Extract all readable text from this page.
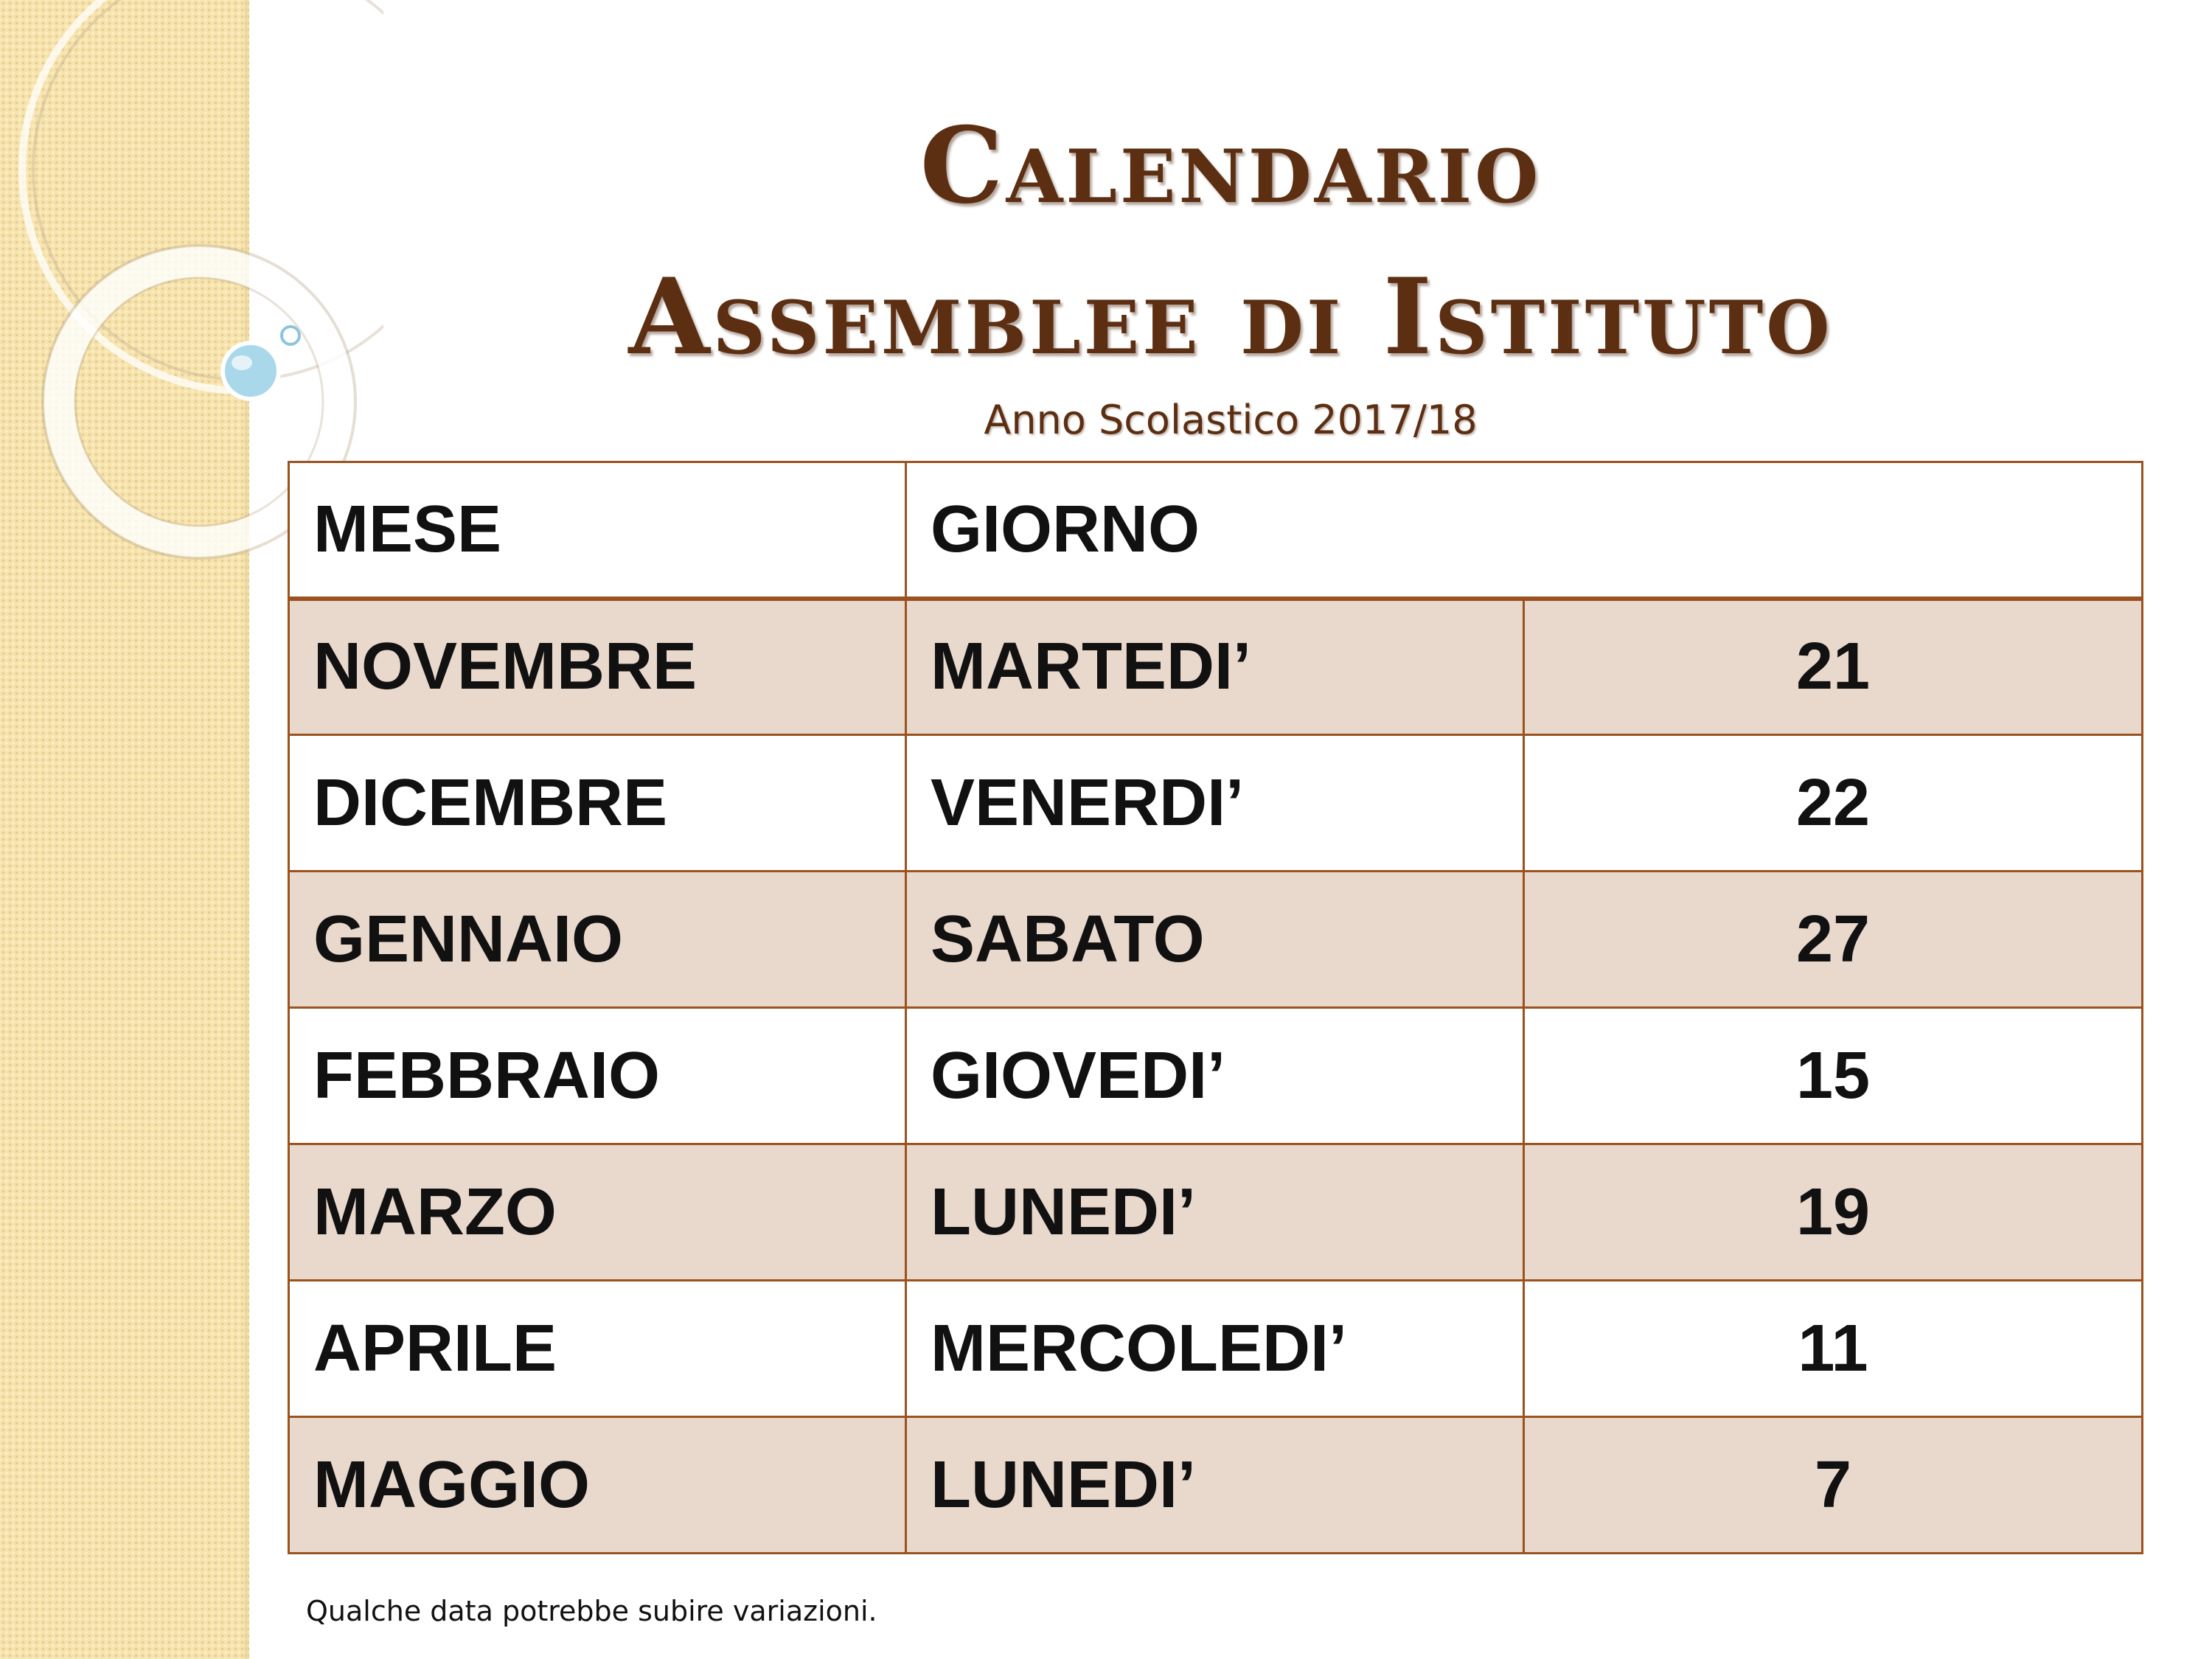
Calendario
Assemblee di Istituto
Anno Scolastico 2017/18
MESE	GIORNO	
NOVEMBRE	MARTEDI’	21
DICEMBRE	VENERDI’	22
GENNAIO	SABATO	27
FEBBRAIO	GIOVEDI’	15
MARZO	LUNEDI’	19
APRILE	MERCOLEDI’	11
MAGGIO	LUNEDI’	7
Qualche data potrebbe subire variazioni.
